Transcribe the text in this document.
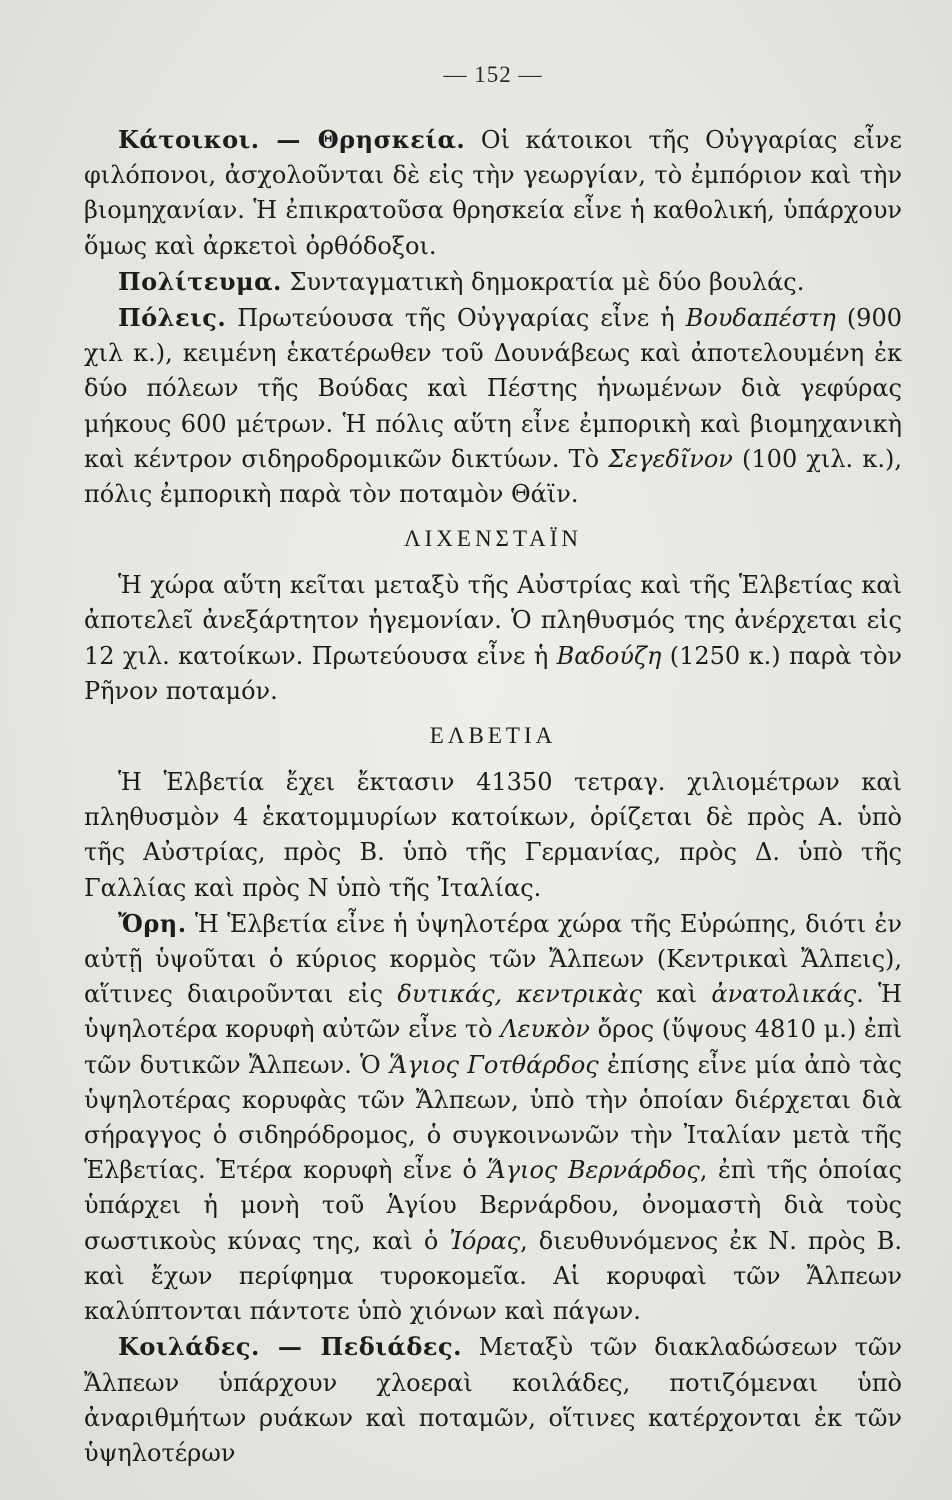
— 152 —

Κάτοικοι. — Θρησκεία. Οἱ κάτοικοι τῆς Οὐγγαρίας εἶνε φιλόπονοι, ἀσχολοῦνται δὲ εἰς τὴν γεωργίαν, τὸ ἐμπόριον καὶ τὴν βιομηχανίαν. Ἡ ἐπικρατοῦσα θρησκεία εἶνε ἡ καθολική, ὑπάρχουν ὅμως καὶ ἀρκετοὶ ὀρθόδοξοι.

Πολίτευμα. Συνταγματικὴ δημοκρατία μὲ δύο βουλάς.

Πόλεις. Πρωτεύουσα τῆς Οὐγγαρίας εἶνε ἡ Βουδαπέστη (900 χιλ κ.), κειμένη ἑκατέρωθεν τοῦ Δουνάβεως καὶ ἀποτελουμένη ἐκ δύο πόλεων τῆς Βούδας καὶ Πέστης ἡνωμένων διὰ γεφύρας μήκους 600 μέτρων. Ἡ πόλις αὕτη εἶνε ἐμπορικὴ καὶ βιομηχανικὴ καὶ κέντρον σιδηροδρομικῶν δικτύων. Τὸ Σεγεδῖνον (100 χιλ. κ.), πόλις ἐμπορικὴ παρὰ τὸν ποταμὸν Θάϊν.

ΛΙΧΕΝΣΤΑΪΝ

Ἡ χώρα αὕτη κεῖται μεταξὺ τῆς Αὐστρίας καὶ τῆς Ἑλβετίας καὶ ἀποτελεῖ ἀνεξάρτητον ἡγεμονίαν. Ὁ πληθυσμός της ἀνέρχεται εἰς 12 χιλ. κατοίκων. Πρωτεύουσα εἶνε ἡ Βαδούζη (1250 κ.) παρὰ τὸν Ρῆνον ποταμόν.

ΕΛΒΕΤΙΑ

Ἡ Ἑλβετία ἔχει ἔκτασιν 41350 τετραγ. χιλιομέτρων καὶ πληθυσμὸν 4 ἑκατομμυρίων κατοίκων, ὁρίζεται δὲ πρὸς Α. ὑπὸ τῆς Αὐστρίας, πρὸς Β. ὑπὸ τῆς Γερμανίας, πρὸς Δ. ὑπὸ τῆς Γαλλίας καὶ πρὸς Ν ὑπὸ τῆς Ἰταλίας.

Ὄρη. Ἡ Ἑλβετία εἶνε ἡ ὑψηλοτέρα χώρα τῆς Εὐρώπης, διότι ἐν αὐτῇ ὑψοῦται ὁ κύριος κορμὸς τῶν Ἄλπεων (Κεντρικαὶ Ἄλπεις), αἵτινες διαιροῦνται εἰς δυτικάς, κεντρικὰς καὶ ἀνατολικάς. Ἡ ὑψηλοτέρα κορυφὴ αὐτῶν εἶνε τὸ Λευκὸν ὄρος (ὕψους 4810 μ.) ἐπὶ τῶν δυτικῶν Ἄλπεων. Ὁ Ἅγιος Γοτθάρδος ἐπίσης εἶνε μία ἀπὸ τὰς ὑψηλοτέρας κορυφὰς τῶν Ἄλπεων, ὑπὸ τὴν ὁποίαν διέρχεται διὰ σήραγγος ὁ σιδηρόδρομος, ὁ συγκοινωνῶν τὴν Ἰταλίαν μετὰ τῆς Ἑλβετίας. Ἑτέρα κορυφὴ εἶνε ὁ Ἅγιος Βερνάρδος, ἐπὶ τῆς ὁποίας ὑπάρχει ἡ μονὴ τοῦ Ἁγίου Βερνάρδου, ὀνομαστὴ διὰ τοὺς σωστικοὺς κύνας της, καὶ ὁ Ἰόρας, διευθυνόμενος ἐκ Ν. πρὸς Β. καὶ ἔχων περίφημα τυροκομεῖα. Αἱ κορυφαὶ τῶν Ἄλπεων καλύπτονται πάντοτε ὑπὸ χιόνων καὶ πάγων.

Κοιλάδες. — Πεδιάδες. Μεταξὺ τῶν διακλαδώσεων τῶν Ἄλπεων ὑπάρχουν χλοεραὶ κοιλάδες, ποτιζόμεναι ὑπὸ ἀναριθμήτων ρυάκων καὶ ποταμῶν, οἵτινες κατέρχονται ἐκ τῶν ὑψηλοτέρων
